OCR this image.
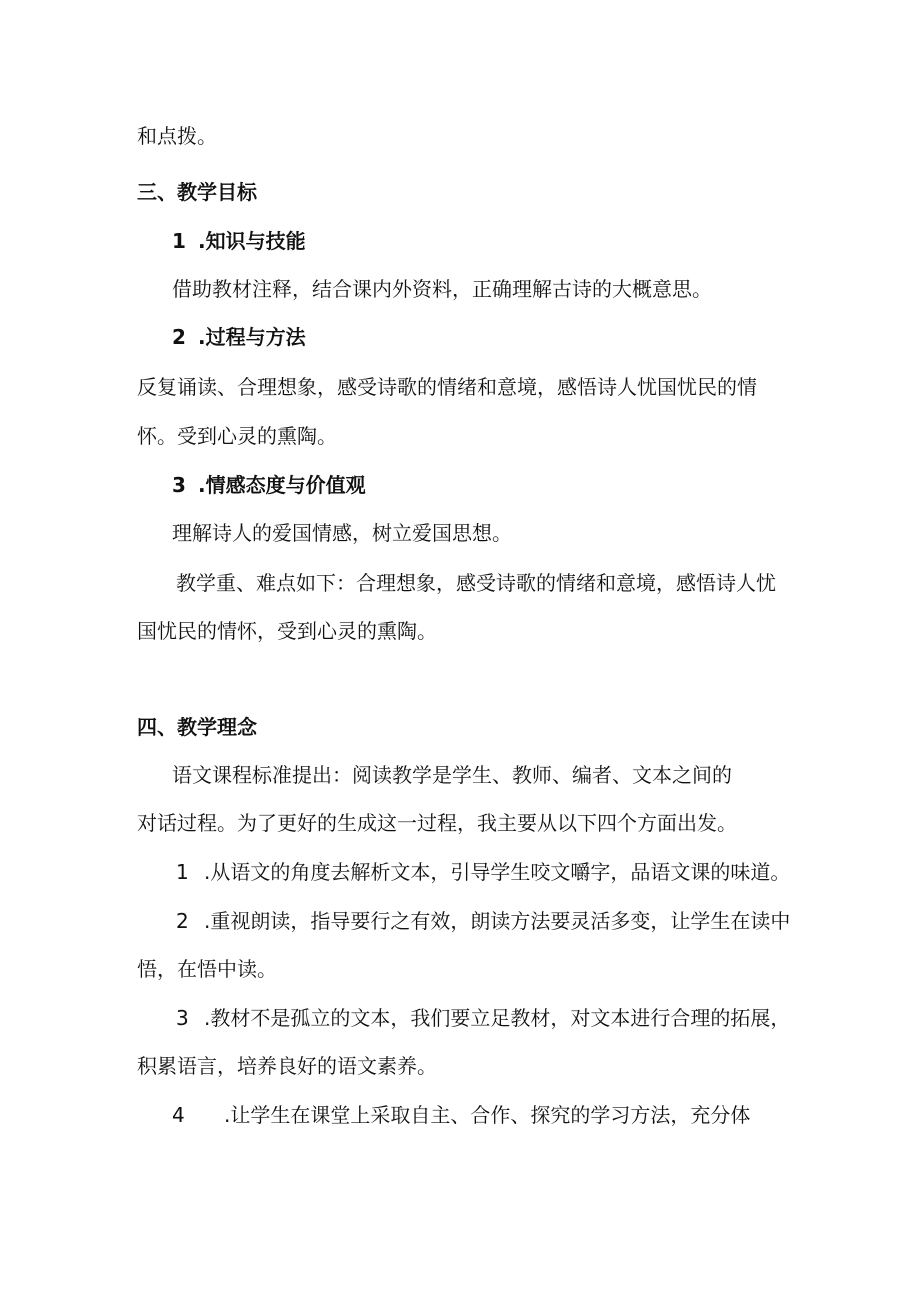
和点拨。

三、教学目标

1 .知识与技能

借助教材注释，结合课内外资料，正确理解古诗的大概意思。

2 .过程与方法

反复诵读、合理想象，感受诗歌的情绪和意境，感悟诗人忧国忧民的情

怀。受到心灵的熏陶。

3 .情感态度与价值观

理解诗人的爱国情感，树立爱国思想。

教学重、难点如下：合理想象，感受诗歌的情绪和意境，感悟诗人忧

国忧民的情怀，受到心灵的熏陶。

四、教学理念

语文课程标准提出：阅读教学是学生、教师、编者、文本之间的

对话过程。为了更好的生成这一过程，我主要从以下四个方面出发。

1 .从语文的角度去解析文本，引导学生咬文嚼字，品语文课的味道。

2 .重视朗读，指导要行之有效，朗读方法要灵活多变，让学生在读中

悟，在悟中读。

3 .教材不是孤立的文本，我们要立足教材，对文本进行合理的拓展，

积累语言，培养良好的语文素养。

4 .让学生在课堂上采取自主、合作、探究的学习方法，充分体
